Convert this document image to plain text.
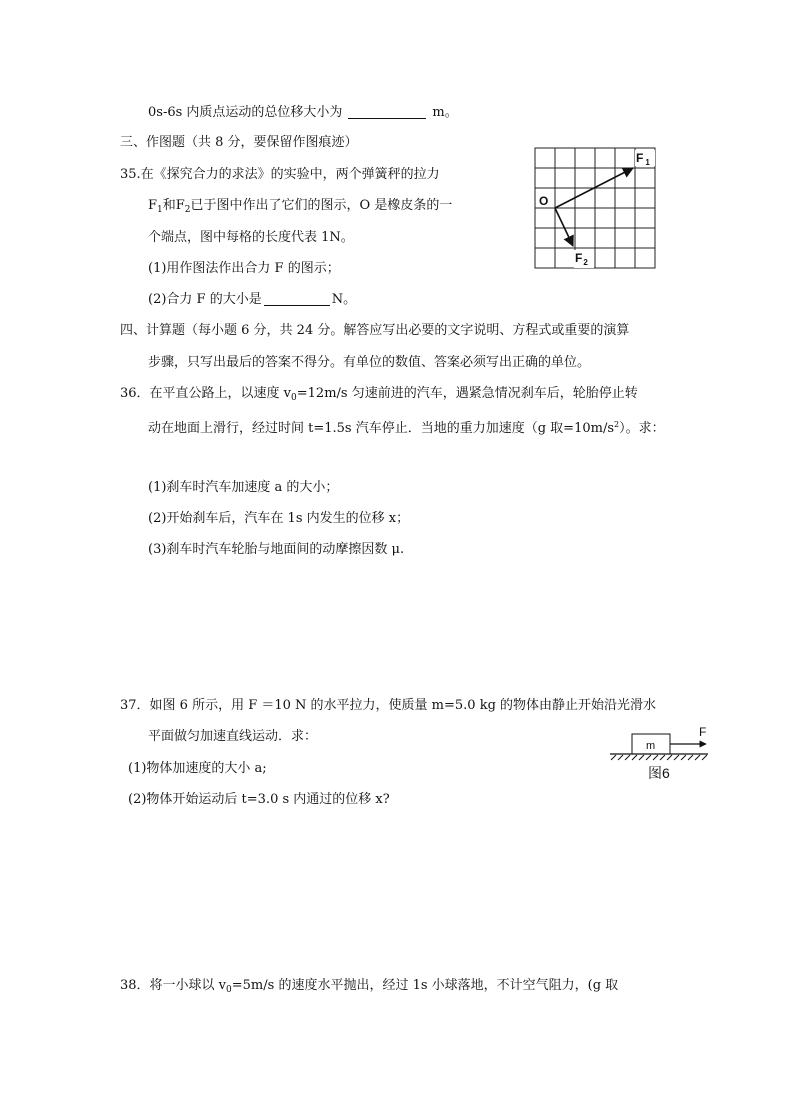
0s-6s 内质点运动的总位移大小为	m。
三、作图题（共 8 分，要保留作图痕迹）
35.在《探究合力的求法》的实验中，两个弹簧秤的拉力
$F_1$和$F_2$已于图中作出了它们的图示，O 是橡皮条的一
个端点，图中每格的长度代表 1N。
(1)用作图法作出合力 F 的图示；
(2)合力 F 的大小是	N。
O
F $_1$
$F_2$
四、计算题（每小题 6 分，共 24 分。解答应写出必要的文字说明、方程式或重要的演算
步骤，只写出最后的答案不得分。有单位的数值、答案必须写出正确的单位。
36．在平直公路上，以速度 $v_0=12m/s$ 匀速前进的汽车，遇紧急情况刹车后，轮胎停止转
动在地面上滑行，经过时间 t=1.5s 汽车停止．当地的重力加速度（g 取$=10m/s^2$）。求：
(1)刹车时汽车加速度 a 的大小；
(2)开始刹车后，汽车在 1s 内发生的位移 x；
(3)刹车时汽车轮胎与地面间的动摩擦因数 μ.
37．如图 6 所示，用 F ＝10 N 的水平拉力，使质量 m=5.0 kg 的物体由静止开始沿光滑水
平面做匀加速直线运动．求：
(1)物体加速度的大小 a;
(2)物体开始运动后 t=3.0 s 内通过的位移 x?
m
F
图6
38．将一小球以 $v_0=5m/s$ 的速度水平抛出，经过 1s 小球落地，不计空气阻力，(g 取
